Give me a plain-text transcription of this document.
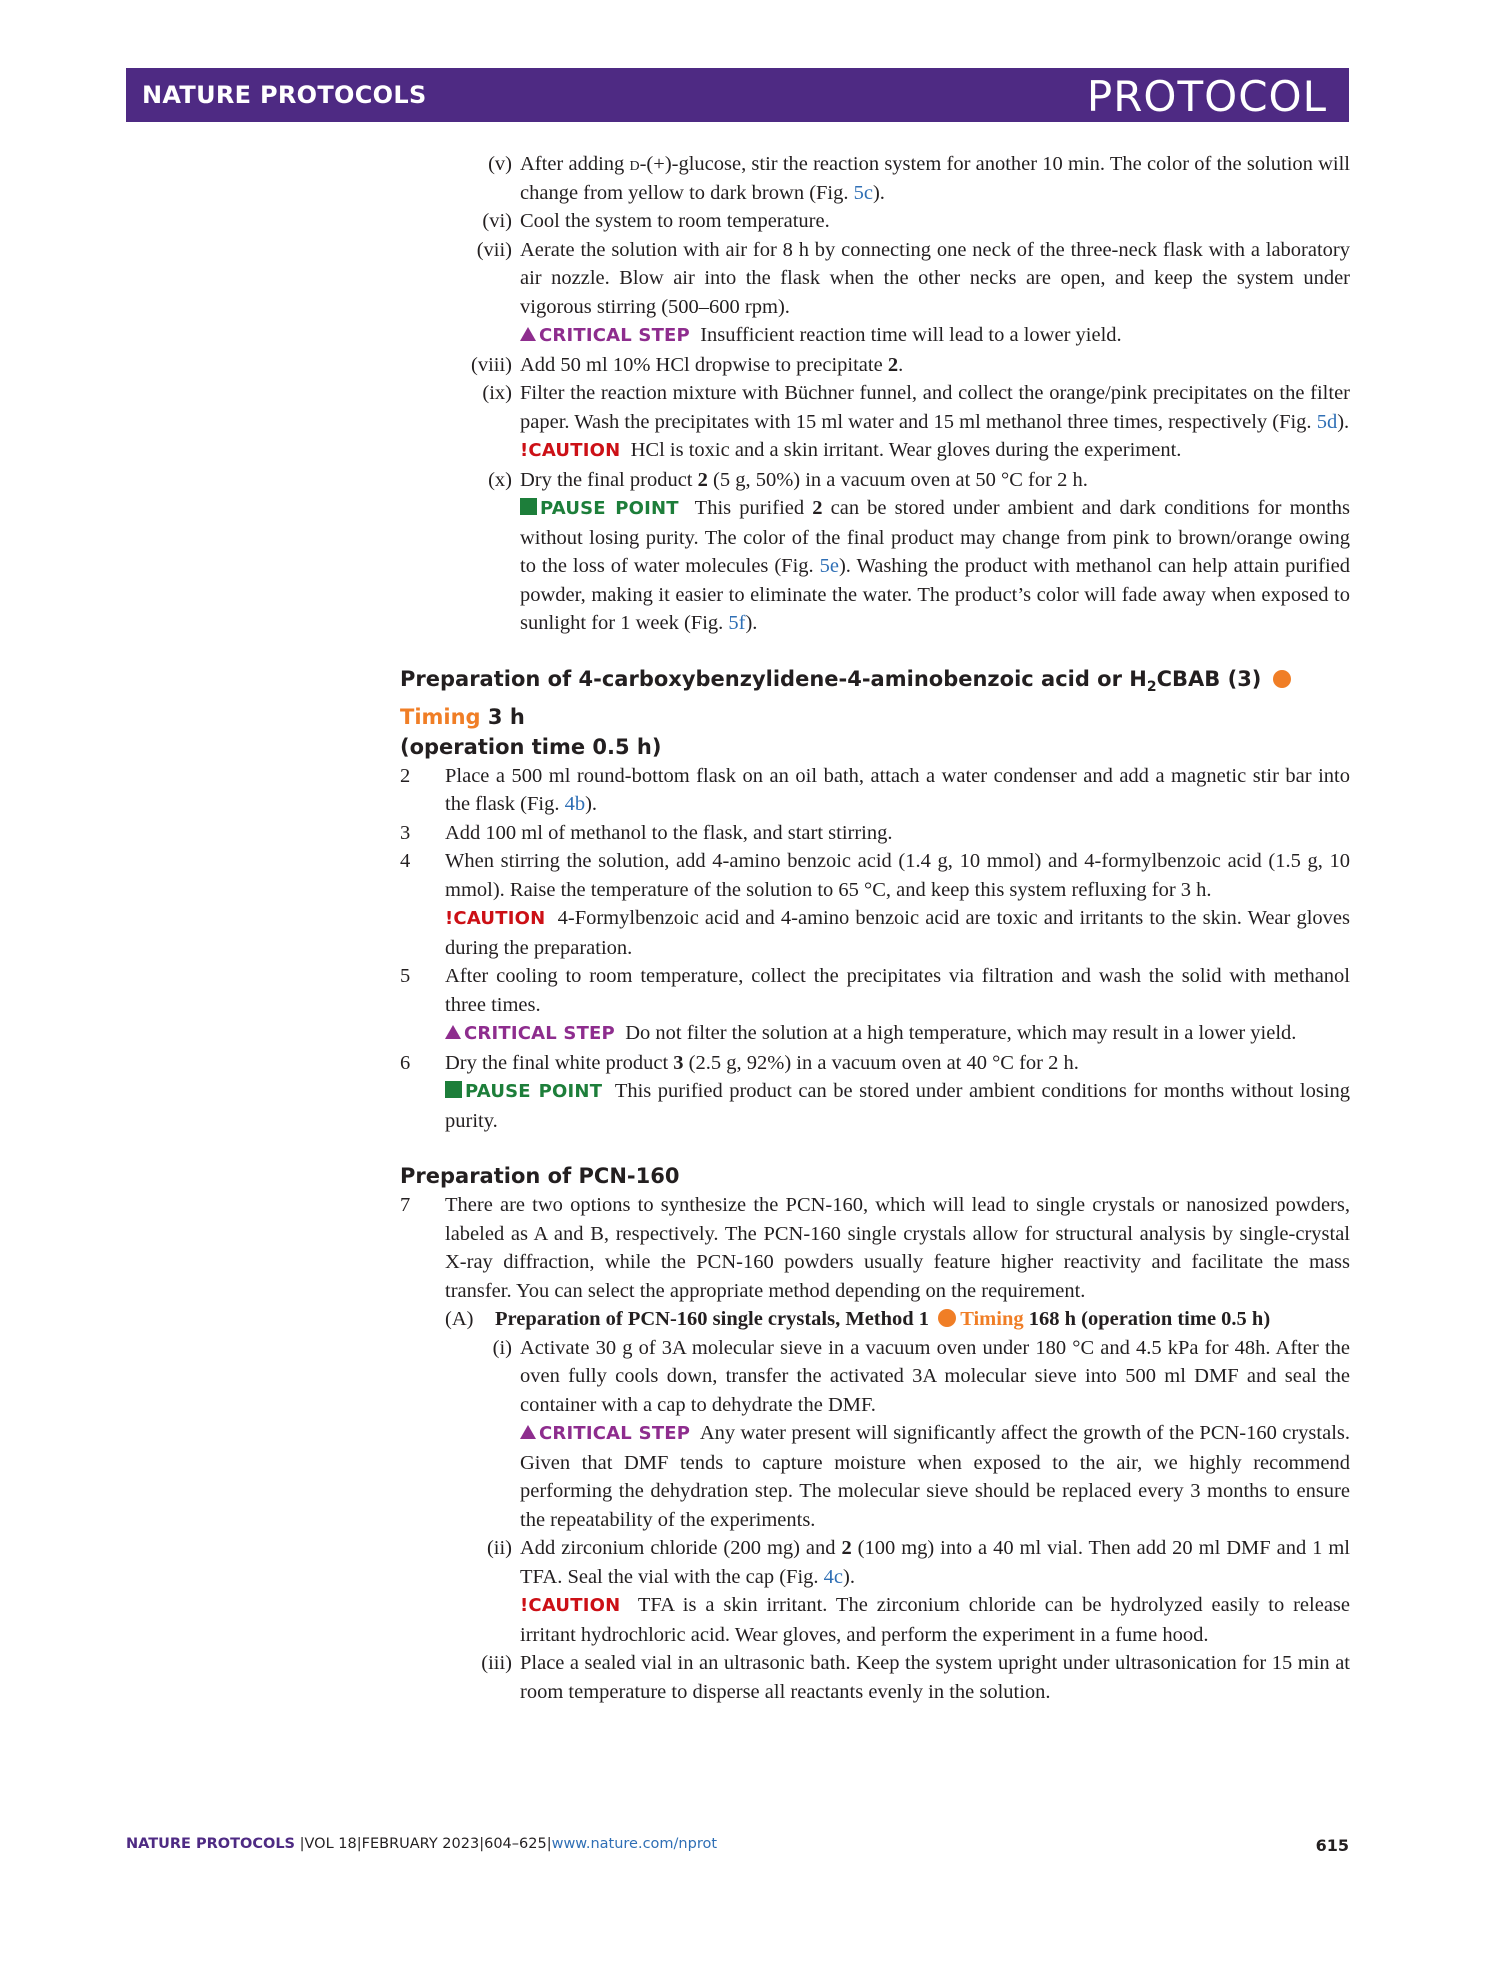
NATURE PROTOCOLS	PROTOCOL
(v) After adding d-(+)-glucose, stir the reaction system for another 10 min. The color of the solution will change from yellow to dark brown (Fig. 5c).
(vi) Cool the system to room temperature.
(vii) Aerate the solution with air for 8 h by connecting one neck of the three-neck flask with a laboratory air nozzle. Blow air into the flask when the other necks are open, and keep the system under vigorous stirring (500–600 rpm).
CRITICAL STEP Insufficient reaction time will lead to a lower yield.
(viii) Add 50 ml 10% HCl dropwise to precipitate 2.
(ix) Filter the reaction mixture with Büchner funnel, and collect the orange/pink precipitates on the filter paper. Wash the precipitates with 15 ml water and 15 ml methanol three times, respectively (Fig. 5d).
!CAUTION HCl is toxic and a skin irritant. Wear gloves during the experiment.
(x) Dry the final product 2 (5 g, 50%) in a vacuum oven at 50 °C for 2 h.
PAUSE POINT This purified 2 can be stored under ambient and dark conditions for months without losing purity. The color of the final product may change from pink to brown/orange owing to the loss of water molecules (Fig. 5e). Washing the product with methanol can help attain purified powder, making it easier to eliminate the water. The product’s color will fade away when exposed to sunlight for 1 week (Fig. 5f).
Preparation of 4-carboxybenzylidene-4-aminobenzoic acid or $H_2CBAB$ (3) Timing 3 h
(operation time 0.5 h)
2 Place a 500 ml round-bottom flask on an oil bath, attach a water condenser and add a magnetic stir bar into the flask (Fig. 4b).
3 Add 100 ml of methanol to the flask, and start stirring.
4 When stirring the solution, add 4-amino benzoic acid (1.4 g, 10 mmol) and 4-formylbenzoic acid (1.5 g, 10 mmol). Raise the temperature of the solution to 65 °C, and keep this system refluxing for 3 h.
!CAUTION 4-Formylbenzoic acid and 4-amino benzoic acid are toxic and irritants to the skin. Wear gloves during the preparation.
5 After cooling to room temperature, collect the precipitates via filtration and wash the solid with methanol three times.
CRITICAL STEP Do not filter the solution at a high temperature, which may result in a lower yield.
6 Dry the final white product 3 (2.5 g, 92%) in a vacuum oven at 40 °C for 2 h.
PAUSE POINT This purified product can be stored under ambient conditions for months without losing purity.
Preparation of PCN-160
7 There are two options to synthesize the PCN-160, which will lead to single crystals or nanosized powders, labeled as A and B, respectively. The PCN-160 single crystals allow for structural analysis by single-crystal X-ray diffraction, while the PCN-160 powders usually feature higher reactivity and facilitate the mass transfer. You can select the appropriate method depending on the requirement.
(A) Preparation of PCN-160 single crystals, Method 1 Timing 168 h (operation time 0.5 h)
(i) Activate 30 g of 3A molecular sieve in a vacuum oven under 180 °C and 4.5 kPa for 48h. After the oven fully cools down, transfer the activated 3A molecular sieve into 500 ml DMF and seal the container with a cap to dehydrate the DMF.
CRITICAL STEP Any water present will significantly affect the growth of the PCN-160 crystals. Given that DMF tends to capture moisture when exposed to the air, we highly recommend performing the dehydration step. The molecular sieve should be replaced every 3 months to ensure the repeatability of the experiments.
(ii) Add zirconium chloride (200 mg) and 2 (100 mg) into a 40 ml vial. Then add 20 ml DMF and 1 ml TFA. Seal the vial with the cap (Fig. 4c).
!CAUTION TFA is a skin irritant. The zirconium chloride can be hydrolyzed easily to release irritant hydrochloric acid. Wear gloves, and perform the experiment in a fume hood.
(iii) Place a sealed vial in an ultrasonic bath. Keep the system upright under ultrasonication for 15 min at room temperature to disperse all reactants evenly in the solution.
NATURE PROTOCOLS |VOL 18|FEBRUARY 2023|604–625|www.nature.com/nprot	615
